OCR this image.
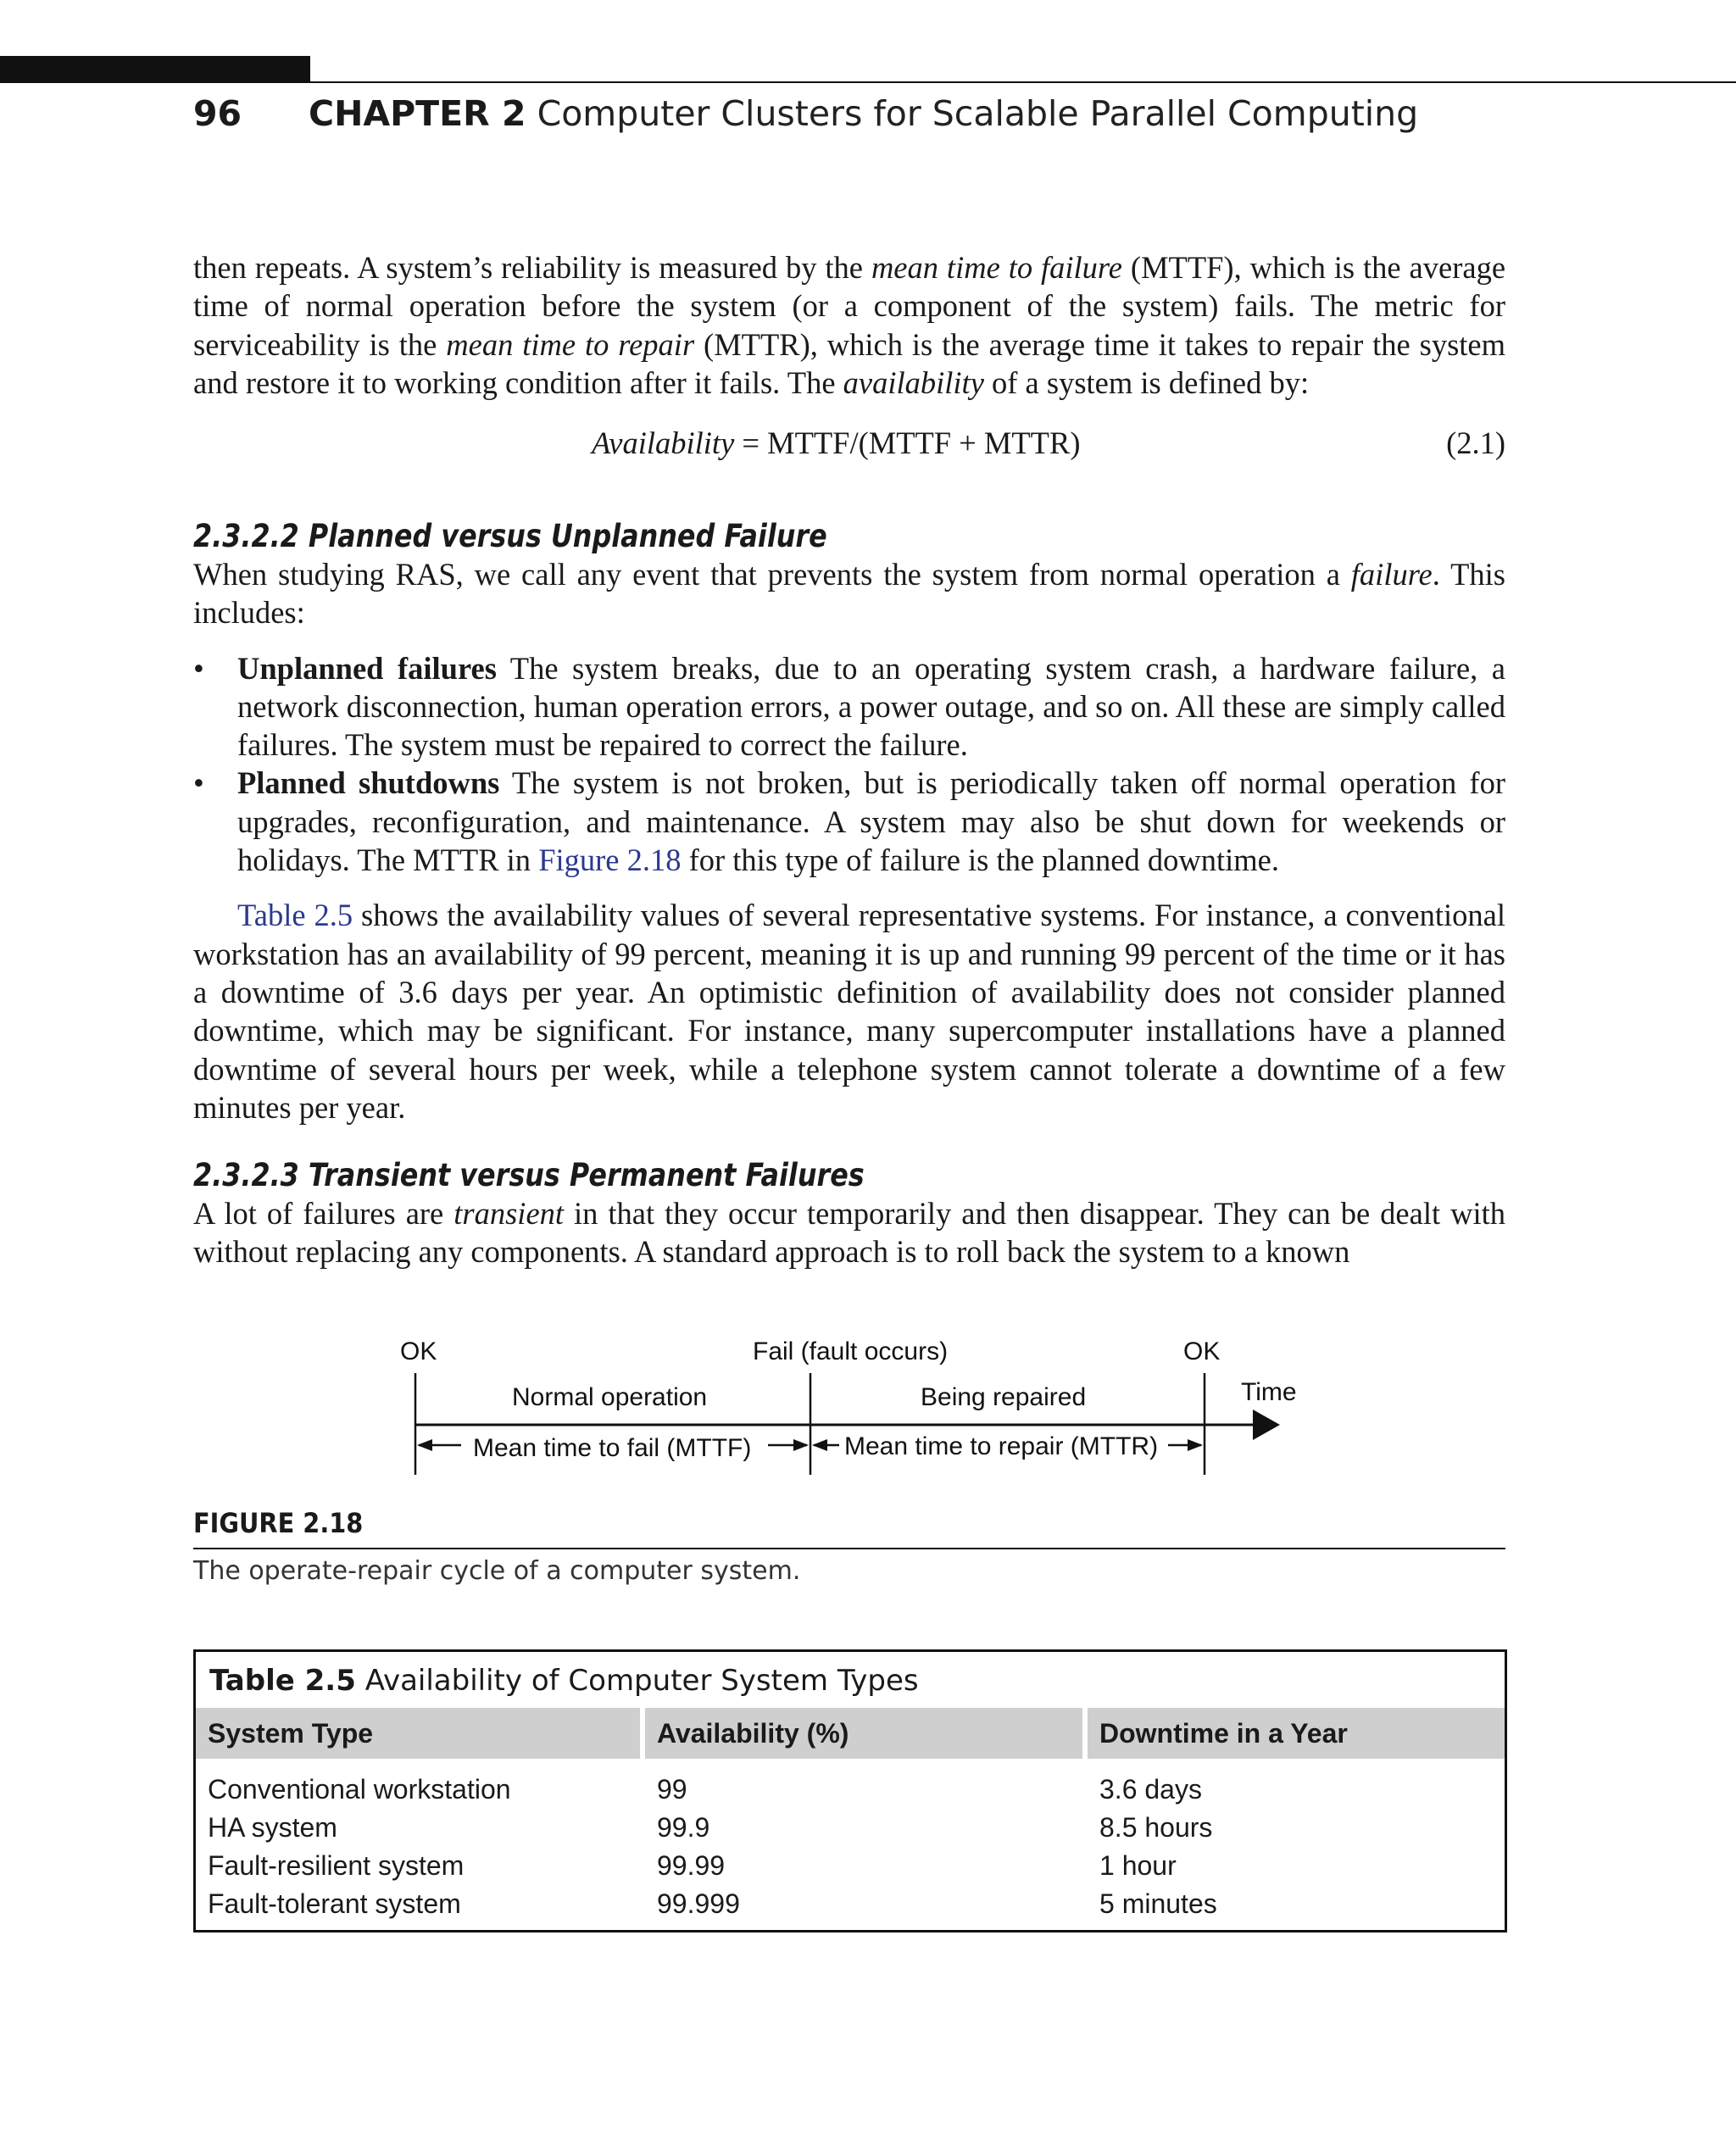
96 CHAPTER 2 Computer Clusters for Scalable Parallel Computing

then repeats. A system’s reliability is measured by the mean time to failure (MTTF), which is the average time of normal operation before the system (or a component of the system) fails. The metric for serviceability is the mean time to repair (MTTR), which is the average time it takes to repair the system and restore it to working condition after it fails. The availability of a system is defined by:

Availability = MTTF/(MTTF + MTTR)	(2.1)
2.3.2.2 Planned versus Unplanned Failure

When studying RAS, we call any event that prevents the system from normal operation a failure. This includes:

• Unplanned failures The system breaks, due to an operating system crash, a hardware failure, a network disconnection, human operation errors, a power outage, and so on. All these are simply called failures. The system must be repaired to correct the failure.
• Planned shutdowns The system is not broken, but is periodically taken off normal operation for upgrades, reconfiguration, and maintenance. A system may also be shut down for weekends or holidays. The MTTR in Figure 2.18 for this type of failure is the planned downtime.

Table 2.5 shows the availability values of several representative systems. For instance, a conventional workstation has an availability of 99 percent, meaning it is up and running 99 percent of the time or it has a downtime of 3.6 days per year. An optimistic definition of availability does not consider planned downtime, which may be significant. For instance, many supercomputer installations have a planned downtime of several hours per week, while a telephone system cannot tolerate a downtime of a few minutes per year.

2.3.2.3 Transient versus Permanent Failures

A lot of failures are transient in that they occur temporarily and then disappear. They can be dealt with without replacing any components. A standard approach is to roll back the system to a known

OK	Fail (fault occurs)	OK
Normal operation	Being repaired	Time
Mean time to fail (MTTF)	Mean time to repair (MTTR)
FIGURE 2.18
The operate-repair cycle of a computer system.
Table 2.5 Availability of Computer System Types
System Type	Availability (%)	Downtime in a Year
Conventional workstation	99	3.6 days
HA system	99.9	8.5 hours
Fault-resilient system	99.99	1 hour
Fault-tolerant system	99.999	5 minutes
